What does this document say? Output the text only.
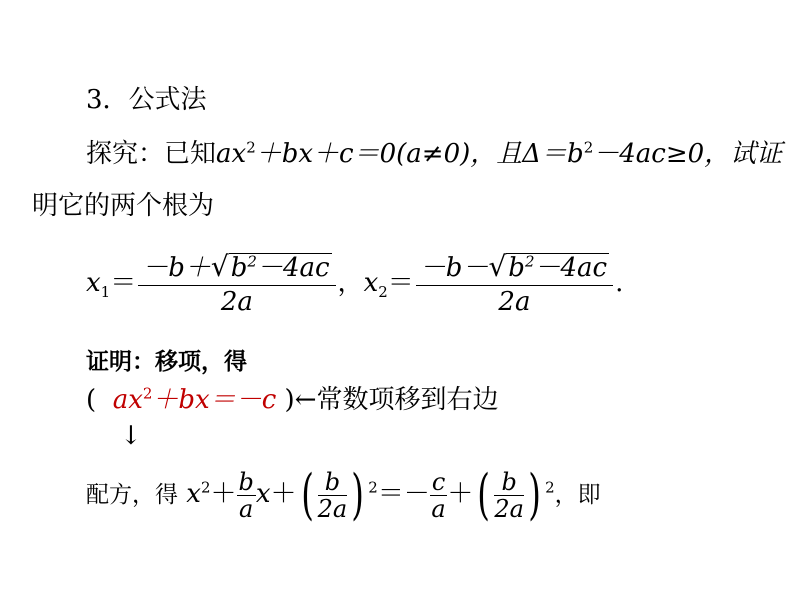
3．公式法
探究：已知$ax^2+bx+c=0(a\ne 0)$，且$\Delta=b^2-4ac\ge 0$，试证
明它的两个根为
$x_1= \frac{-b+√b^2-4ac}{2a}$ ，$x_2= \frac{-b-√b^2-4ac}{2a}$ .
证明：移项，得
( $ax^2+bx=-c$ )←常数项移到右边
↓
配方，得 $x^2+ \frac{b}{a} x+( \frac{b}{2a}$ ) $^2=- \frac{c}{a}$ ＋( $\frac{b}{2a}$ ) $^2$，即
